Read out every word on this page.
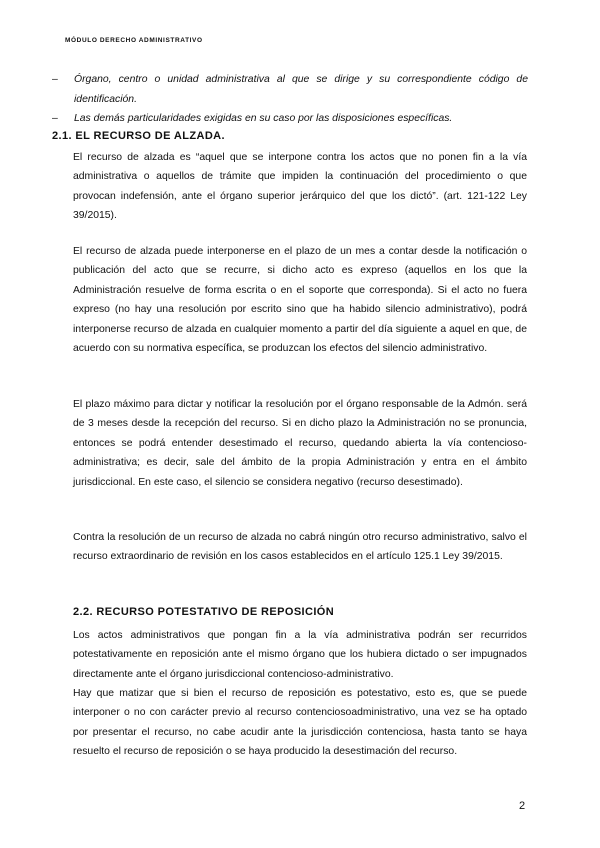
MÓDULO DERECHO ADMINISTRATIVO
–	Órgano, centro o unidad administrativa al que se dirige y su correspondiente código de identificación.
–	Las demás particularidades exigidas en su caso por las disposiciones específicas.
2.1. EL RECURSO DE ALZADA.

El recurso de alzada es “aquel que se interpone contra los actos que no ponen fin a la vía administrativa o aquellos de trámite que impiden la continuación del procedimiento o que provocan indefensión, ante el órgano superior jerárquico del que los dictó”. (art. 121-122 Ley 39/2015).

El recurso de alzada puede interponerse en el plazo de un mes a contar desde la notificación o publicación del acto que se recurre, si dicho acto es expreso (aquellos en los que la Administración resuelve de forma escrita o en el soporte que corresponda). Si el acto no fuera expreso (no hay una resolución por escrito sino que ha habido silencio administrativo), podrá interponerse recurso de alzada en cualquier momento a partir del día siguiente a aquel en que, de acuerdo con su normativa específica, se produzcan los efectos del silencio administrativo.

El plazo máximo para dictar y notificar la resolución por el órgano responsable de la Admón. será de 3 meses desde la recepción del recurso. Si en dicho plazo la Administración no se pronuncia, entonces se podrá entender desestimado el recurso, quedando abierta la vía contencioso-administrativa; es decir, sale del ámbito de la propia Administración y entra en el ámbito jurisdiccional. En este caso, el silencio se considera negativo (recurso desestimado).

Contra la resolución de un recurso de alzada no cabrá ningún otro recurso administrativo, salvo el recurso extraordinario de revisión en los casos establecidos en el artículo 125.1 Ley 39/2015.

2.2. RECURSO POTESTATIVO DE REPOSICIÓN

Los actos administrativos que pongan fin a la vía administrativa podrán ser recurridos potestativamente en reposición ante el mismo órgano que los hubiera dictado o ser impugnados directamente ante el órgano jurisdiccional contencioso-administrativo.

Hay que matizar que si bien el recurso de reposición es potestativo, esto es, que se puede interponer o no con carácter previo al recurso contenciosoadministrativo, una vez se ha optado por presentar el recurso, no cabe acudir ante la jurisdicción contenciosa, hasta tanto se haya resuelto el recurso de reposición o se haya producido la desestimación del recurso.

2
